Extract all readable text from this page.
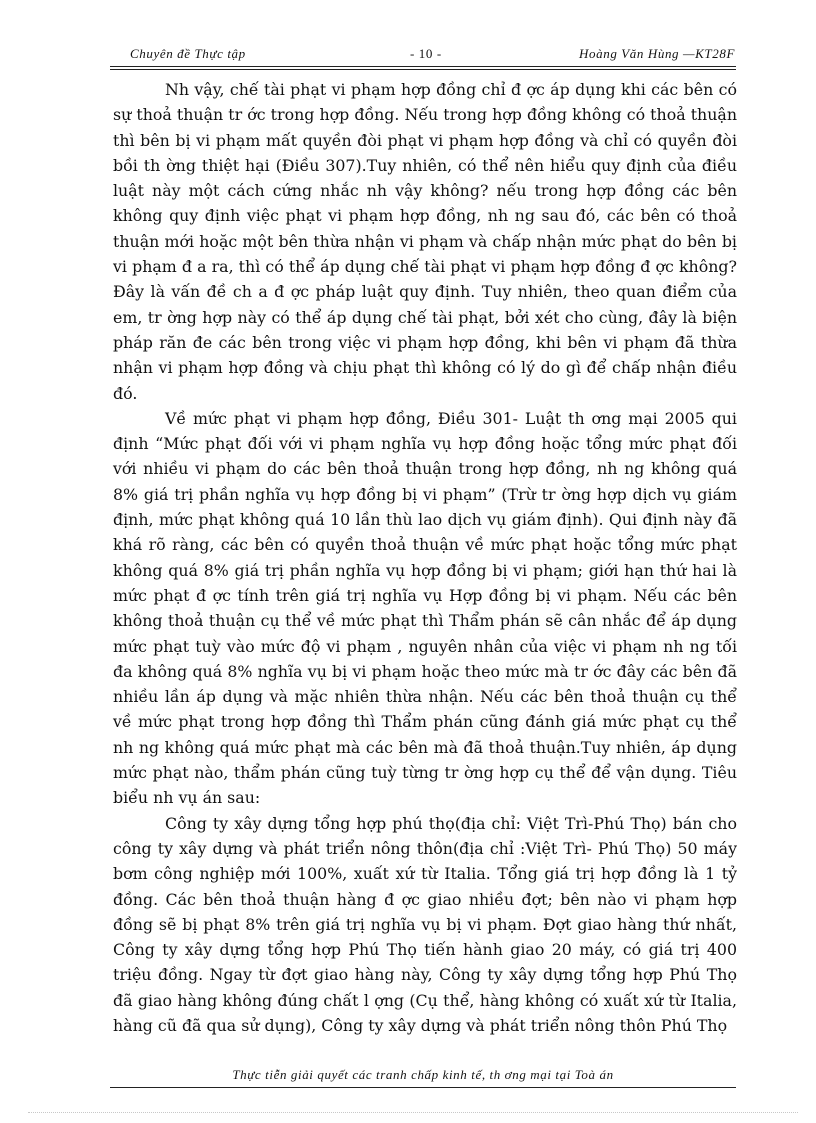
Chuyên đề Thực tập	- 10 -	Hoàng Văn Hùng —KT28F

Nh vậy, chế tài phạt vi phạm hợp đồng chỉ đ ợc áp dụng khi các bên có sự thoả thuận tr ớc trong hợp đồng. Nếu trong hợp đồng không có thoả thuận thì bên bị vi phạm mất quyền đòi phạt vi phạm hợp đồng và chỉ có quyền đòi bồi th ờng thiệt hại (Điều 307).Tuy nhiên, có thể nên hiểu quy định của điều luật này một cách cứng nhắc nh vậy không? nếu trong hợp đồng các bên không quy định việc phạt vi phạm hợp đồng, nh ng sau đó, các bên có thoả thuận mới hoặc một bên thừa nhận vi phạm và chấp nhận mức phạt do bên bị vi phạm đ a ra, thì có thể áp dụng chế tài phạt vi phạm hợp đồng đ ợc không? Đây là vấn đề ch a đ ợc pháp luật quy định. Tuy nhiên, theo quan điểm của em, tr ờng hợp này có thể áp dụng chế tài phạt, bởi xét cho cùng, đây là biện pháp răn đe các bên trong việc vi phạm hợp đồng, khi bên vi phạm đã thừa nhận vi phạm hợp đồng và chịu phạt thì không có lý do gì để chấp nhận điều đó.

Về mức phạt vi phạm hợp đồng, Điều 301- Luật th ơng mại 2005 qui định “Mức phạt đối với vi phạm nghĩa vụ hợp đồng hoặc tổng mức phạt đối với nhiều vi phạm do các bên thoả thuận trong hợp đồng, nh ng không quá 8% giá trị phần nghĩa vụ hợp đồng bị vi phạm” (Trừ tr ờng hợp dịch vụ giám định, mức phạt không quá 10 lần thù lao dịch vụ giám định). Qui định này đã khá rõ ràng, các bên có quyền thoả thuận về mức phạt hoặc tổng mức phạt không quá 8% giá trị phần nghĩa vụ hợp đồng bị vi phạm; giới hạn thứ hai là mức phạt đ ợc tính trên giá trị nghĩa vụ Hợp đồng bị vi phạm. Nếu các bên không thoả thuận cụ thể về mức phạt thì Thẩm phán sẽ cân nhắc để áp dụng mức phạt tuỳ vào mức độ vi phạm , nguyên nhân của việc vi phạm nh ng tối đa không quá 8% nghĩa vụ bị vi phạm hoặc theo mức mà tr ớc đây các bên đã nhiều lần áp dụng và mặc nhiên thừa nhận. Nếu các bên thoả thuận cụ thể về mức phạt trong hợp đồng thì Thẩm phán cũng đánh giá mức phạt cụ thể nh ng không quá mức phạt mà các bên mà đã thoả thuận.Tuy nhiên, áp dụng mức phạt nào, thẩm phán cũng tuỳ từng tr ờng hợp cụ thể để vận dụng. Tiêu biểu nh vụ án sau:

Công ty xây dựng tổng hợp phú thọ(địa chỉ: Việt Trì-Phú Thọ) bán cho công ty xây dựng và phát triển nông thôn(địa chỉ :Việt Trì- Phú Thọ) 50 máy bơm công nghiệp mới 100%, xuất xứ từ Italia. Tổng giá trị hợp đồng là 1 tỷ đồng. Các bên thoả thuận hàng đ ợc giao nhiều đợt; bên nào vi phạm hợp đồng sẽ bị phạt 8% trên giá trị nghĩa vụ bị vi phạm. Đợt giao hàng thứ nhất, Công ty xây dựng tổng hợp Phú Thọ tiến hành giao 20 máy, có giá trị 400 triệu đồng. Ngay từ đợt giao hàng này, Công ty xây dựng tổng hợp Phú Thọ đã giao hàng không đúng chất l ợng (Cụ thể, hàng không có xuất xứ từ Italia, hàng cũ đã qua sử dụng), Công ty xây dựng và phát triển nông thôn Phú Thọ

Thực tiễn giải quyết các tranh chấp kinh tế, th ơng mại tại Toà án
